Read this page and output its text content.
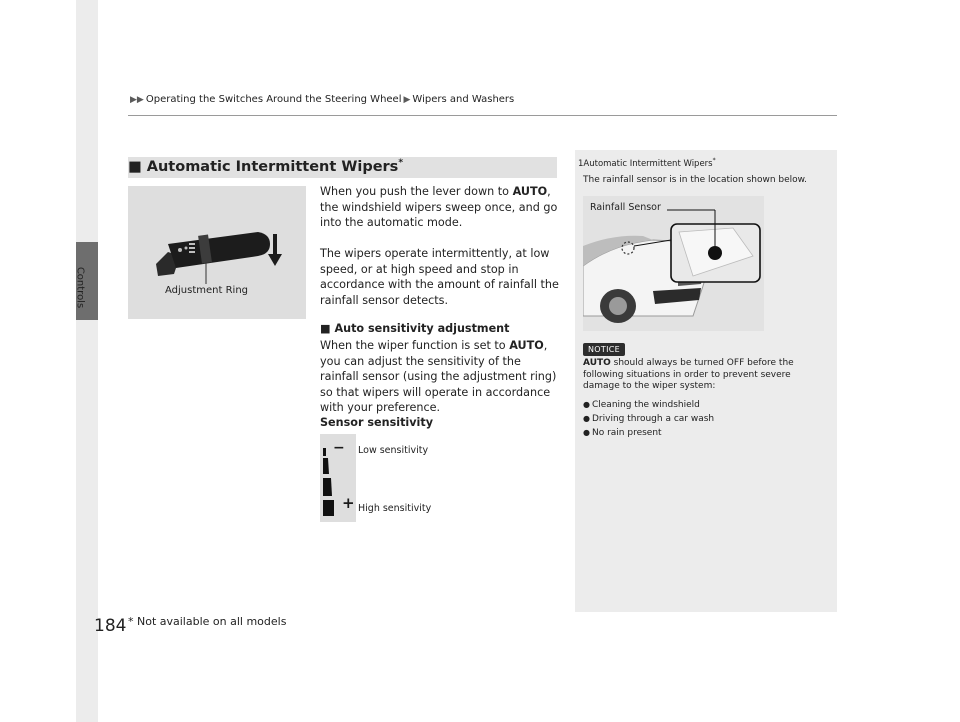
Controls
▶▶ Operating the Switches Around the Steering Wheel ▶ Wipers and Washers
■ Automatic Intermittent Wipers*
Adjustment Ring
When you push the lever down to AUTO, the windshield wipers sweep once, and go into the automatic mode.
The wipers operate intermittently, at low speed, or at high speed and stop in accordance with the amount of rainfall the rainfall sensor detects.
■ Auto sensitivity adjustment
When the wiper function is set to AUTO, you can adjust the sensitivity of the rainfall sensor (using the adjustment ring) so that wipers will operate in accordance with your preference.
Sensor sensitivity
−
+
Low sensitivity
High sensitivity
1Automatic Intermittent Wipers*
The rainfall sensor is in the location shown below.
Rainfall Sensor
NOTICE
AUTO should always be turned OFF before the following situations in order to prevent severe damage to the wiper system:
● Cleaning the windshield
● Driving through a car wash
● No rain present
184 * Not available on all models
